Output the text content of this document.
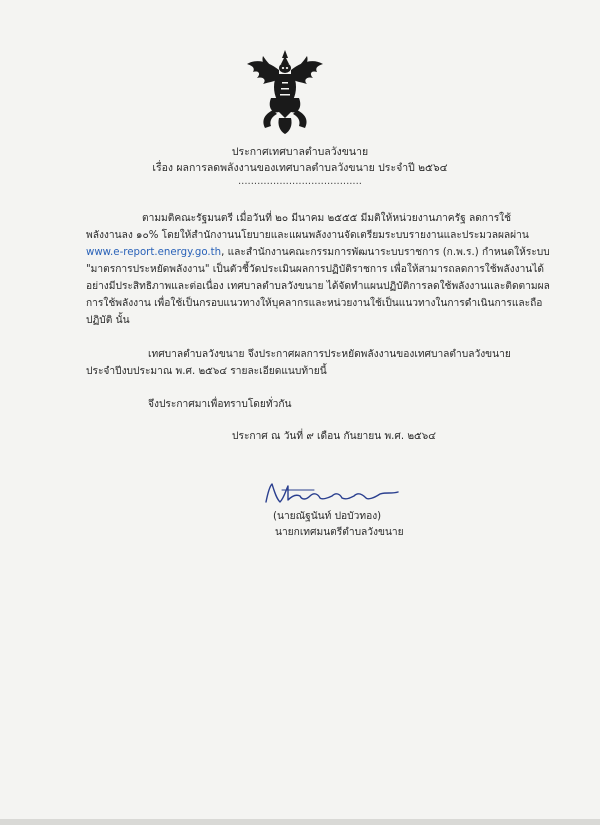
ประกาศเทศบาลตำบลวังขนาย
เรื่อง ผลการลดพลังงานของเทศบาลตำบลวังขนาย ประจำปี ๒๕๖๔
.......................................
ตามมติคณะรัฐมนตรี เมื่อวันที่ ๒๐ มีนาคม ๒๕๕๕ มีมติให้หน่วยงานภาครัฐ ลดการใช้
พลังงานลง ๑๐% โดยให้สำนักงานนโยบายและแผนพลังงานจัดเตรียมระบบรายงานและประมวลผลผ่าน
www.e-report.energy.go.th, และสำนักงานคณะกรรมการพัฒนาระบบราชการ (ก.พ.ร.) กำหนดให้ระบบ
"มาตรการประหยัดพลังงาน" เป็นตัวชี้วัดประเมินผลการปฏิบัติราชการ เพื่อให้สามารถลดการใช้พลังงานได้
อย่างมีประสิทธิภาพและต่อเนื่อง เทศบาลตำบลวังขนาย ได้จัดทำแผนปฏิบัติการลดใช้พลังงานและติดตามผล
การใช้พลังงาน เพื่อใช้เป็นกรอบแนวทางให้บุคลากรและหน่วยงานใช้เป็นแนวทางในการดำเนินการและถือ
ปฏิบัติ นั้น
เทศบาลตำบลวังขนาย จึงประกาศผลการประหยัดพลังงานของเทศบาลตำบลวังขนาย
ประจำปีงบประมาณ พ.ศ. ๒๕๖๔ รายละเอียดแนบท้ายนี้
จึงประกาศมาเพื่อทราบโดยทั่วกัน
ประกาศ ณ วันที่ ๙ เดือน กันยายน พ.ศ. ๒๕๖๔
(นายณัฐนันท์ ปอบัวทอง)
นายกเทศมนตรีตำบลวังขนาย
